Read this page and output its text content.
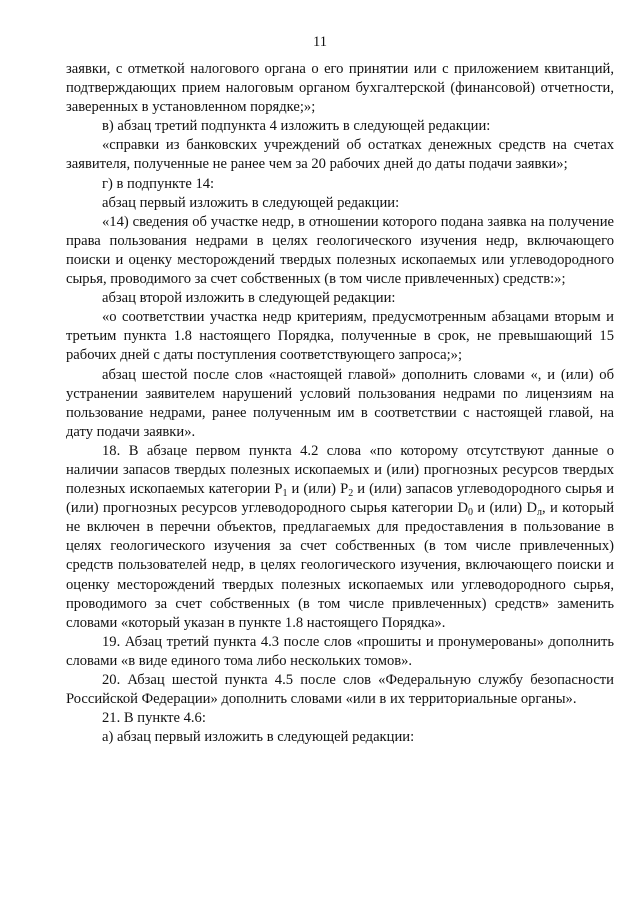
11

заявки, с отметкой налогового органа о его принятии или с приложением квитанций, подтверждающих прием налоговым органом бухгалтерской (финансовой) отчетности, заверенных в установленном порядке;»;

в) абзац третий подпункта 4 изложить в следующей редакции:

«справки из банковских учреждений об остатках денежных средств на счетах заявителя, полученные не ранее чем за 20 рабочих дней до даты подачи заявки»;

г) в подпункте 14:

абзац первый изложить в следующей редакции:

«14) сведения об участке недр, в отношении которого подана заявка на получение права пользования недрами в целях геологического изучения недр, включающего поиски и оценку месторождений твердых полезных ископаемых или углеводородного сырья, проводимого за счет собственных (в том числе привлеченных) средств:»;

абзац второй изложить в следующей редакции:

«о соответствии участка недр критериям, предусмотренным абзацами вторым и третьим пункта 1.8 настоящего Порядка, полученные в срок, не превышающий 15 рабочих дней с даты поступления соответствующего запроса;»;

абзац шестой после слов «настоящей главой» дополнить словами «, и (или) об устранении заявителем нарушений условий пользования недрами по лицензиям на пользование недрами, ранее полученным им в соответствии с настоящей главой, на дату подачи заявки».

18. В абзаце первом пункта 4.2 слова «по которому отсутствуют данные о наличии запасов твердых полезных ископаемых и (или) прогнозных ресурсов твердых полезных ископаемых категории $P_1$ и (или) $P_2$ и (или) запасов углеводородного сырья и (или) прогнозных ресурсов углеводородного сырья категории $D_0$ и (или) $D_л$, и который не включен в перечни объектов, предлагаемых для предоставления в пользование в целях геологического изучения за счет собственных (в том числе привлеченных) средств пользователей недр, в целях геологического изучения, включающего поиски и оценку месторождений твердых полезных ископаемых или углеводородного сырья, проводимого за счет собственных (в том числе привлеченных) средств» заменить словами «который указан в пункте 1.8 настоящего Порядка».

19. Абзац третий пункта 4.3 после слов «прошиты и пронумерованы» дополнить словами «в виде единого тома либо нескольких томов».

20. Абзац шестой пункта 4.5 после слов «Федеральную службу безопасности Российской Федерации» дополнить словами «или в их территориальные органы».

21. В пункте 4.6:

а) абзац первый изложить в следующей редакции:
